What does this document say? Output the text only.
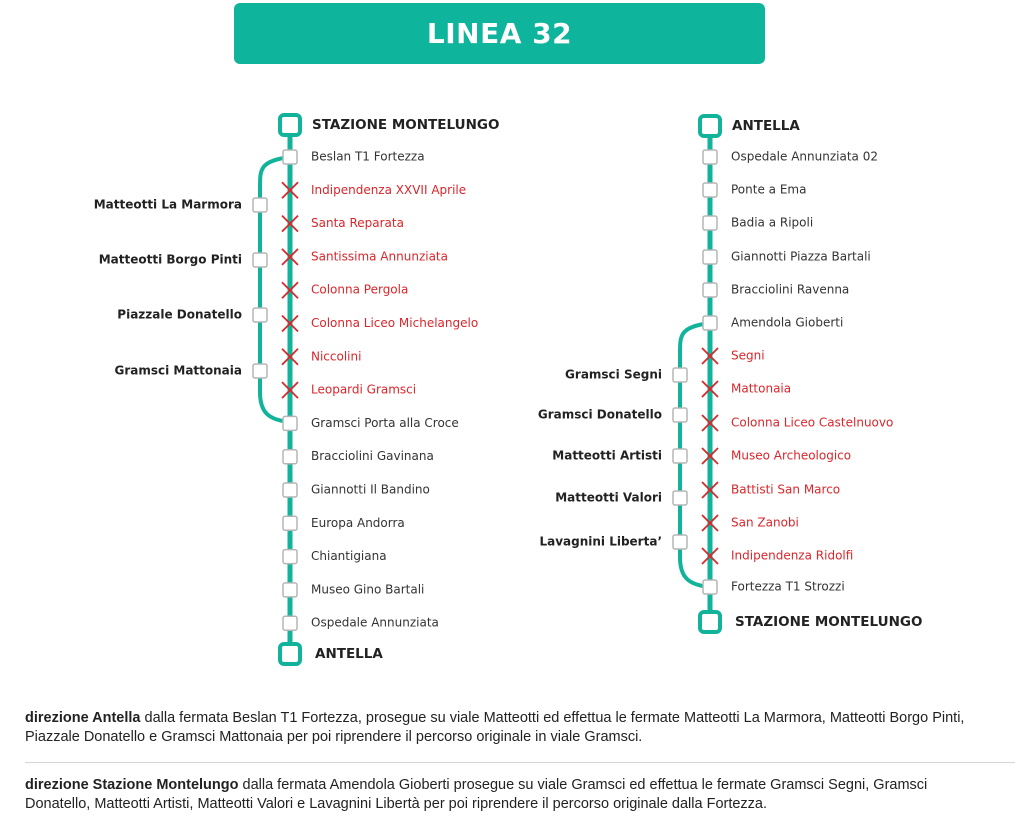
LINEA 32
STAZIONE MONTELUNGO
ANTELLA
Beslan T1 Fortezza
Indipendenza XXVII Aprile
Santa Reparata
Santissima Annunziata
Colonna Pergola
Colonna Liceo Michelangelo
Niccolini
Leopardi Gramsci
Gramsci Porta alla Croce
Bracciolini Gavinana
Giannotti Il Bandino
Europa Andorra
Chiantigiana
Museo Gino Bartali
Ospedale Annunziata
Matteotti La Marmora
Matteotti Borgo Pinti
Piazzale Donatello
Gramsci Mattonaia
ANTELLA
STAZIONE MONTELUNGO
Ospedale Annunziata 02
Ponte a Ema
Badia a Ripoli
Giannotti Piazza Bartali
Bracciolini Ravenna
Amendola Gioberti
Segni
Mattonaia
Colonna Liceo Castelnuovo
Museo Archeologico
Battisti San Marco
San Zanobi
Indipendenza Ridolfi
Fortezza T1 Strozzi
Gramsci Segni
Gramsci Donatello
Matteotti Artisti
Matteotti Valori
Lavagnini Liberta’
direzione Antella dalla fermata Beslan T1 Fortezza, prosegue su viale Matteotti ed effettua le fermate Matteotti La Marmora, Matteotti Borgo Pinti, Piazzale Donatello e Gramsci Mattonaia per poi riprendere il percorso originale in viale Gramsci.
direzione Stazione Montelungo dalla fermata Amendola Gioberti prosegue su viale Gramsci ed effettua le fermate Gramsci Segni, Gramsci Donatello, Matteotti Artisti, Matteotti Valori e Lavagnini Libertà per poi riprendere il percorso originale dalla Fortezza.
